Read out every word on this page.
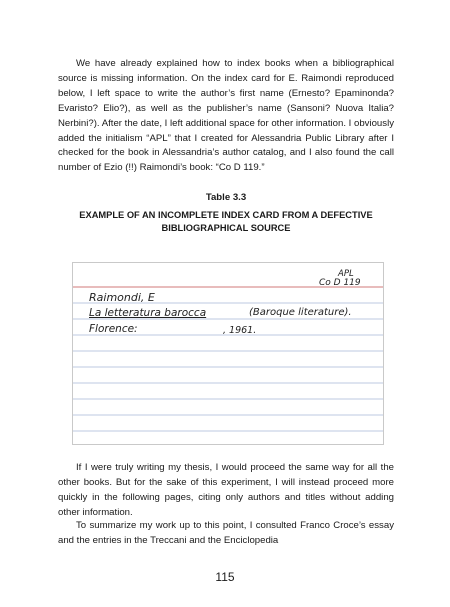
We have already explained how to index books when a bibliographical source is missing information. On the index card for E. Raimondi reproduced below, I left space to write the author’s first name (Ernesto? Epaminonda? Evaristo? Elio?), as well as the publisher’s name (Sansoni? Nuova Italia? Nerbini?). After the date, I left additional space for other information. I obviously added the initialism “APL” that I created for Alessandria Public Library after I checked for the book in Alessandria’s author catalog, and I also found the call number of Ezio (!!) Raimondi’s book: “Co D 119.”

Table 3.3

EXAMPLE OF AN INCOMPLETE INDEX CARD FROM A DEFECTIVE BIBLIOGRAPHICAL SOURCE

APL
Co D 119
Raimondi, E
La letteratura barocca	(Baroque literature).
Florence:	, 1961.

If I were truly writing my thesis, I would proceed the same way for all the other books. But for the sake of this experiment, I will instead proceed more quickly in the following pages, citing only authors and titles without adding other information.

To summarize my work up to this point, I consulted Franco Croce’s essay and the entries in the Treccani and the Enciclopedia

115
